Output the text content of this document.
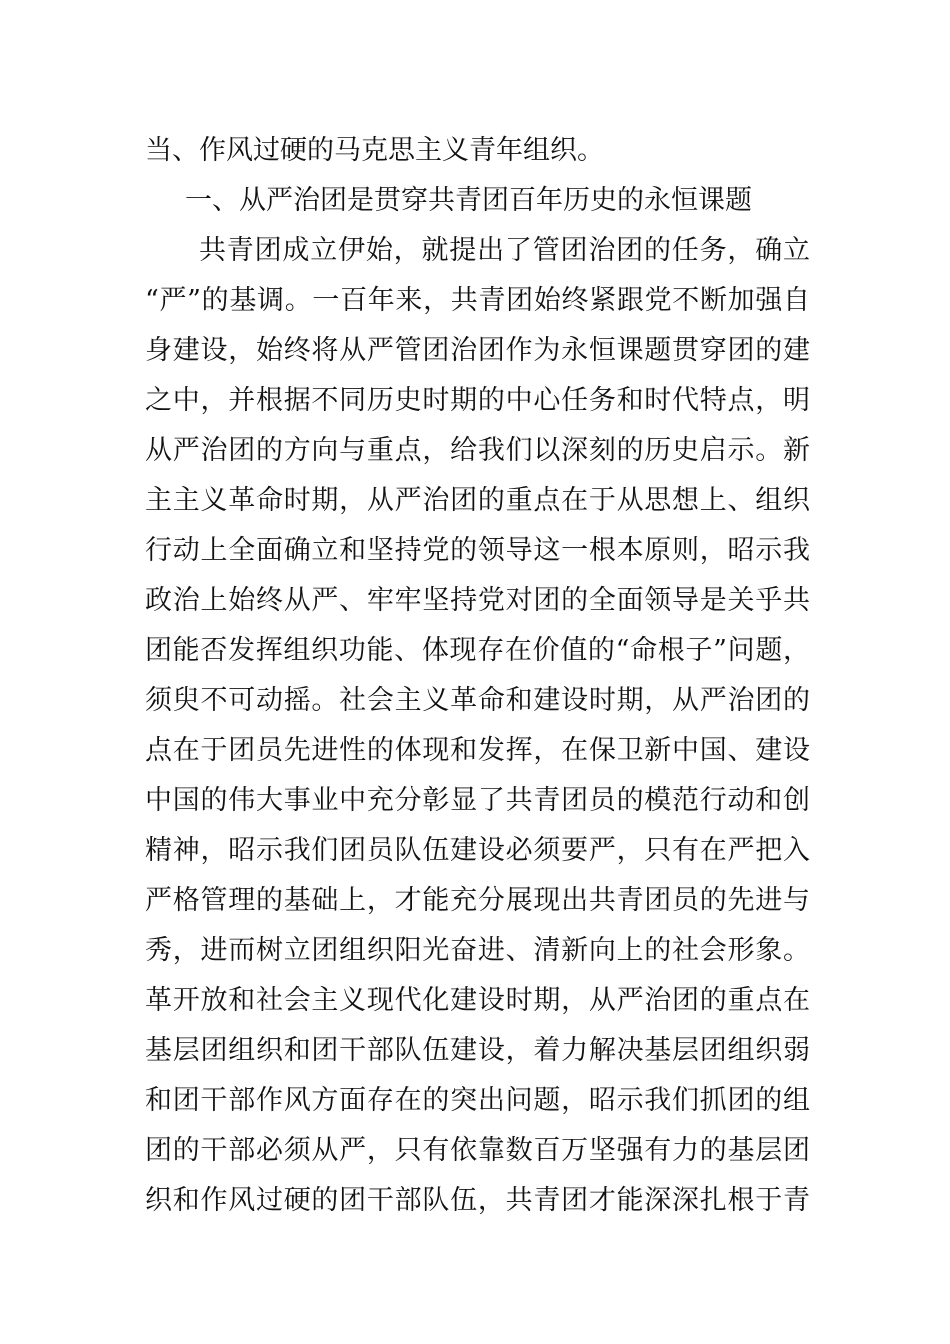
当、作风过硬的马克思主义青年组织。
一、从严治团是贯穿共青团百年历史的永恒课题
共青团成立伊始，就提出了管团治团的任务，确立
“严”的基调。一百年来，共青团始终紧跟党不断加强自
身建设，始终将从严管团治团作为永恒课题贯穿团的建
之中，并根据不同历史时期的中心任务和时代特点，明
从严治团的方向与重点，给我们以深刻的历史启示。新
主主义革命时期，从严治团的重点在于从思想上、组织
行动上全面确立和坚持党的领导这一根本原则，昭示我
政治上始终从严、牢牢坚持党对团的全面领导是关乎共
团能否发挥组织功能、体现存在价值的“命根子”问题，
须臾不可动摇。社会主义革命和建设时期，从严治团的
点在于团员先进性的体现和发挥，在保卫新中国、建设
中国的伟大事业中充分彰显了共青团员的模范行动和创
精神，昭示我们团员队伍建设必须要严，只有在严把入
严格管理的基础上，才能充分展现出共青团员的先进与
秀，进而树立团组织阳光奋进、清新向上的社会形象。
革开放和社会主义现代化建设时期，从严治团的重点在
基层团组织和团干部队伍建设，着力解决基层团组织弱
和团干部作风方面存在的突出问题，昭示我们抓团的组
团的干部必须从严，只有依靠数百万坚强有力的基层团
织和作风过硬的团干部队伍，共青团才能深深扎根于青
